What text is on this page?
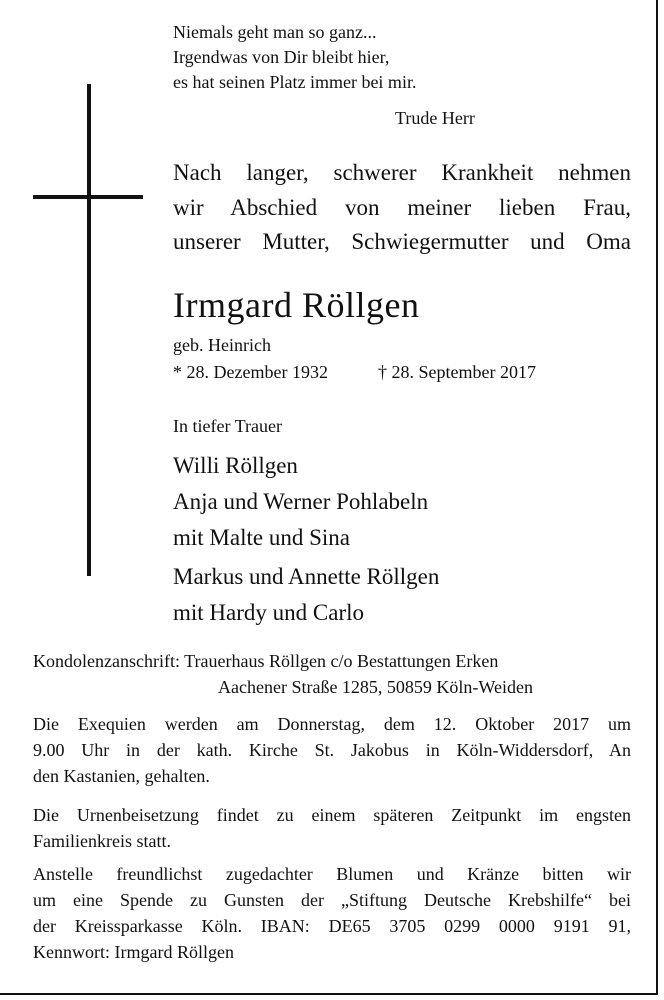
Niemals geht man so ganz...
Irgendwas von Dir bleibt hier,
es hat seinen Platz immer bei mir.
Trude Herr
Nach langer, schwerer Krankheit nehmen
wir Abschied von meiner lieben Frau,
unserer Mutter, Schwiegermutter und Oma
Irmgard Röllgen
geb. Heinrich
* 28. Dezember 1932	† 28. September 2017
In tiefer Trauer
Willi Röllgen
Anja und Werner Pohlabeln
mit Malte und Sina
Markus und Annette Röllgen
mit Hardy und Carlo
Kondolenzanschrift: Trauerhaus Röllgen c/o Bestattungen Erken
Aachener Straße 1285, 50859 Köln-Weiden
Die Exequien werden am Donnerstag, dem 12. Oktober 2017 um
9.00 Uhr in der kath. Kirche St. Jakobus in Köln-Widdersdorf, An
den Kastanien, gehalten.
Die Urnenbeisetzung findet zu einem späteren Zeitpunkt im engsten
Familienkreis statt.
Anstelle freundlichst zugedachter Blumen und Kränze bitten wir
um eine Spende zu Gunsten der „Stiftung Deutsche Krebshilfe“ bei
der Kreissparkasse Köln. IBAN: DE65 3705 0299 0000 9191 91,
Kennwort: Irmgard Röllgen
